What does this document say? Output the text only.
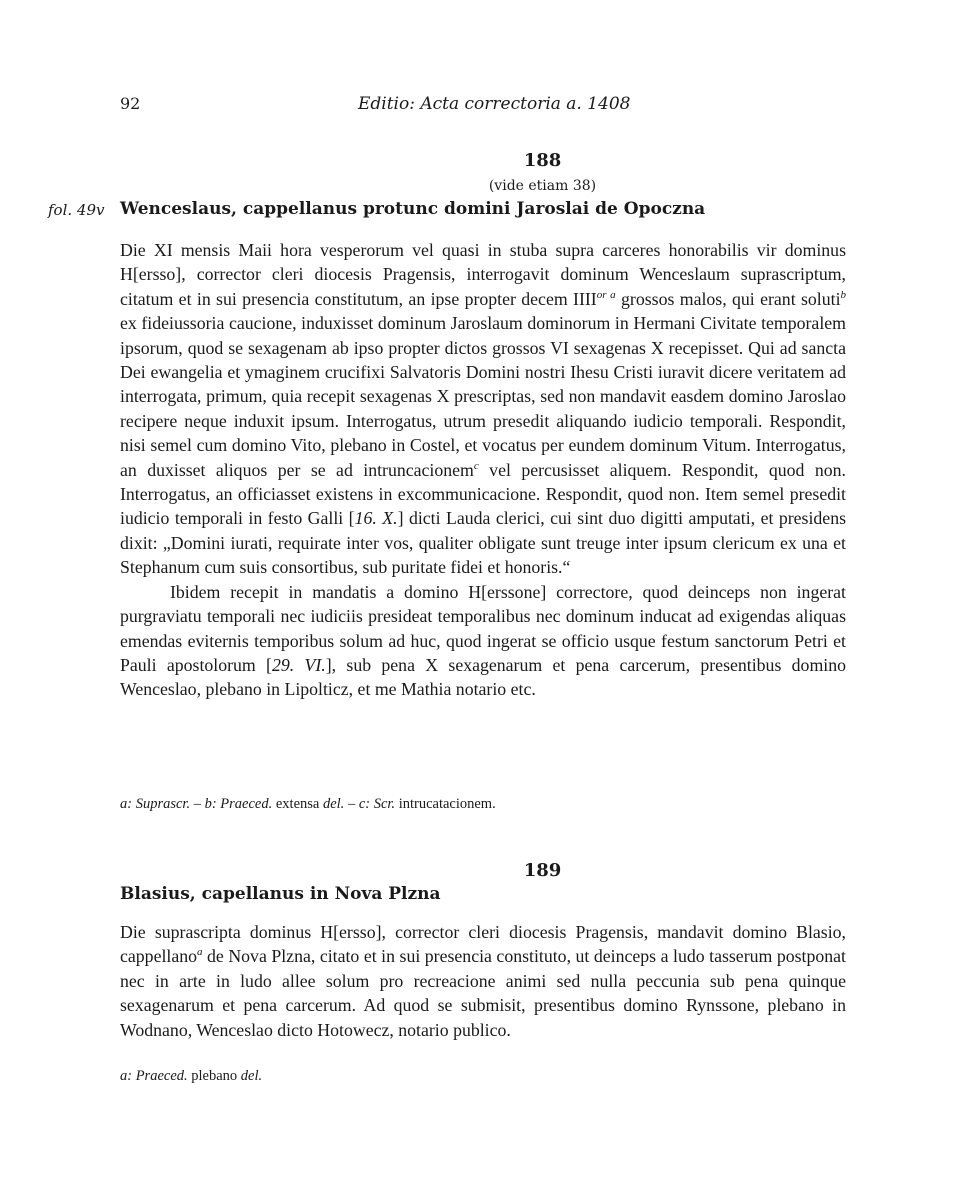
92	Editio: Acta correctoria a. 1408
188
(vide etiam 38)
fol. 49v Wenceslaus, cappellanus protunc domini Jaroslai de Opoczna

Die XI mensis Maii hora vesperorum vel quasi in stuba supra carceres honorabilis vir dominus H[ersso], corrector cleri diocesis Pragensis, interrogavit dominum Wenceslaum suprascriptum, citatum et in sui presencia constitutum, an ipse propter decem IIII$^{or a}$ grossos malos, qui erant soluti$^b$ ex fideiussoria caucione, induxisset dominum Jaroslaum dominorum in Hermani Civitate temporalem ipsorum, quod se sexagenam ab ipso propter dictos grossos VI sexagenas X recepisset. Qui ad sancta Dei ewangelia et ymaginem crucifixi Salvatoris Domini nostri Ihesu Cristi iuravit dicere veritatem ad interrogata, primum, quia recepit sexagenas X prescriptas, sed non mandavit easdem domino Jaroslao recipere neque induxit ipsum. Interrogatus, utrum presedit aliquando iudicio temporali. Respondit, nisi semel cum domino Vito, plebano in Costel, et vocatus per eundem dominum Vitum. Interrogatus, an duxisset aliquos per se ad intruncacionem$^c$ vel percusisset aliquem. Respondit, quod non. Interrogatus, an officiasset existens in excommunicacione. Respondit, quod non. Item semel presedit iudicio temporali in festo Galli [16. X.] dicti Lauda clerici, cui sint duo digitti amputati, et presidens dixit: „Domini iurati, requirate inter vos, qualiter obligate sunt treuge inter ipsum clericum ex una et Stephanum cum suis consortibus, sub puritate fidei et honoris.“

Ibidem recepit in mandatis a domino H[erssone] correctore, quod deinceps non ingerat purgraviatu temporali nec iudiciis presideat temporalibus nec dominum inducat ad exigendas aliquas emendas eviternis temporibus solum ad huc, quod ingerat se officio usque festum sanctorum Petri et Pauli apostolorum [29. VI.], sub pena X sexagenarum et pena carcerum, presentibus domino Wenceslao, plebano in Lipolticz, et me Mathia notario etc.

a: Suprascr. – b: Praeced. extensa del. – c: Scr. intrucatacionem.
189
Blasius, capellanus in Nova Plzna

Die suprascripta dominus H[ersso], corrector cleri diocesis Pragensis, mandavit domino Blasio, cappellano$^a$ de Nova Plzna, citato et in sui presencia constituto, ut deinceps a ludo tasserum postponat nec in arte in ludo allee solum pro recreacione animi sed nulla peccunia sub pena quinque sexagenarum et pena carcerum. Ad quod se submisit, presentibus domino Rynssone, plebano in Wodnano, Wenceslao dicto Hotowecz, notario publico.

a: Praeced. plebano del.
